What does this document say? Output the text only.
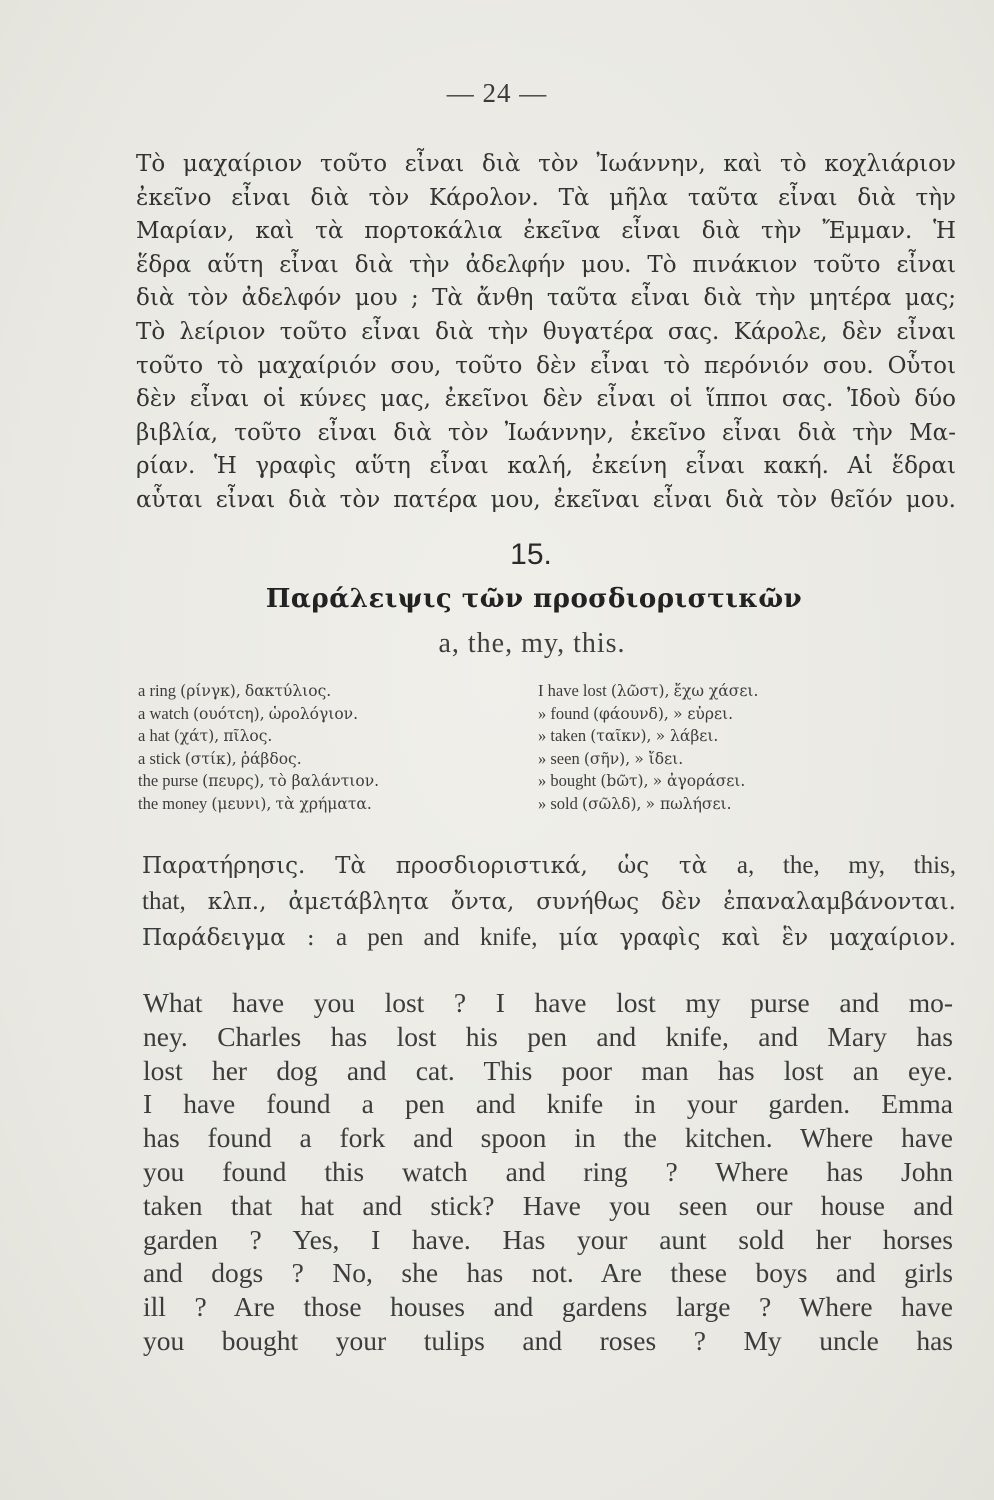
— 24 —
Τὸ μαχαίριον τοῦτο εἶναι διὰ τὸν Ἰωάννην, καὶ τὸ κοχλιάριον
ἐκεῖνο εἶναι διὰ τὸν Κάρολον. Τὰ μῆλα ταῦτα εἶναι διὰ τὴν
Μαρίαν, καὶ τὰ πορτοκάλια ἐκεῖνα εἶναι διὰ τὴν Ἔμμαν. Ἡ
ἕδρα αὕτη εἶναι διὰ τὴν ἀδελφήν μου. Τὸ πινάκιον τοῦτο εἶναι
διὰ τὸν ἀδελφόν μου ; Τὰ ἄνθη ταῦτα εἶναι διὰ τὴν μητέρα μας;
Τὸ λείριον τοῦτο εἶναι διὰ τὴν θυγατέρα σας. Κάρολε, δὲν εἶναι
τοῦτο τὸ μαχαίριόν σου, τοῦτο δὲν εἶναι τὸ περόνιόν σου. Οὗτοι
δὲν εἶναι οἱ κύνες μας, ἐκεῖνοι δὲν εἶναι οἱ ἵπποι σας. Ἰδοὺ δύο
βιβλία, τοῦτο εἶναι διὰ τὸν Ἰωάννην, ἐκεῖνο εἶναι διὰ τὴν Μα-
ρίαν. Ἡ γραφὶς αὕτη εἶναι καλή, ἐκείνη εἶναι κακή. Αἱ ἕδραι
αὗται εἶναι διὰ τὸν πατέρα μου, ἐκεῖναι εἶναι διὰ τὸν θεῖόν μου.
15.
Παράλειψις τῶν προσδιοριστικῶν
a, the, my, this.
a ring (ρίνγκ), δακτύλιος.	I have lost (λῶστ), ἔχω χάσει.
a watch (ουότcη), ὡρολόγιον.	» found (φάουνδ), » εὑρει.
a hat (χάτ), πῖλος.	» taken (ταῖκν), » λάβει.
a stick (στίκ), ῥάβδος.	» seen (σῆν), » ἴδει.
the purse (πευρς), τὸ βαλάντιον.	» bought (bῶτ), » ἀγοράσει.
the money (μευνι), τὰ χρήματα.	» sold (σῶλδ), » πωλήσει.
Παρατήρησις. Τὰ προσδιοριστικά, ὡς τὰ a, the, my, this,
that, κλπ., ἀμετάβλητα ὄντα, συνήθως δὲν ἐπαναλαμβάνονται.
Παράδειγμα : a pen and knife, μία γραφὶς καὶ ἓν μαχαίριον.
What have you lost ? I have lost my purse and mo-
ney. Charles has lost his pen and knife, and Mary has
lost her dog and cat. This poor man has lost an eye.
I have found a pen and knife in your garden. Emma
has found a fork and spoon in the kitchen. Where have
you found this watch and ring ? Where has John
taken that hat and stick? Have you seen our house and
garden ? Yes, I have. Has your aunt sold her horses
and dogs ? No, she has not. Are these boys and girls
ill ? Are those houses and gardens large ? Where have
you bought your tulips and roses ? My uncle has
